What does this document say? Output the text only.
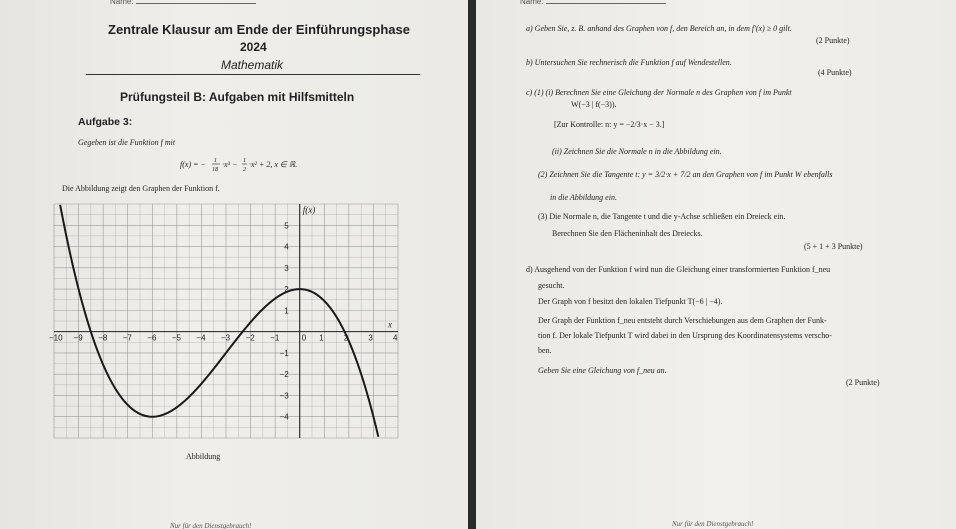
Name:
Zentrale Klausur am Ende der Einführungsphase
2024
Mathematik
Prüfungsteil B: Aufgaben mit Hilfsmitteln
Aufgabe 3:
Gegeben ist die Funktion f mit
f(x) = − 1
18
·x³ − 1
2
·x² + 2, x ∈ ℝ.
Die Abbildung zeigt den Graphen der Funktion f.
−10 −9 −8 −7 −6 −5 −4 −3 −2 −1	0 1	2	3	4
5
4
3
2
1
−1
−2
−3
−4
f(x)
x
Abbildung
Nur für den Dienstgebrauch!
Name:
a) Geben Sie, z. B. anhand des Graphen von f, den Bereich an, in dem f′(x) ≥ 0 gilt.
(2 Punkte)
b) Untersuchen Sie rechnerisch die Funktion f auf Wendestellen.
(4 Punkte)
c) (1) (i) Berechnen Sie eine Gleichung der Normale n des Graphen von f im Punkt
W(−3 | f(−3)).
[Zur Kontrolle: n: y = −2/3·x − 3.]
(ii) Zeichnen Sie die Normale n in die Abbildung ein.
(2) Zeichnen Sie die Tangente t: y = 3/2·x + 7/2 an den Graphen von f im Punkt W ebenfalls
in die Abbildung ein.
(3) Die Normale n, die Tangente t und die y-Achse schließen ein Dreieck ein.
Berechnen Sie den Flächeninhalt des Dreiecks.
(5 + 1 + 3 Punkte)
d) Ausgehend von der Funktion f wird nun die Gleichung einer transformierten Funktion f_neu
gesucht.
Der Graph von f besitzt den lokalen Tiefpunkt T(−6 | −4).
Der Graph der Funktion f_neu entsteht durch Verschiebungen aus dem Graphen der Funk-
tion f. Der lokale Tiefpunkt T wird dabei in den Ursprung des Koordinatensystems verscho-
ben.
Geben Sie eine Gleichung von f_neu an.
(2 Punkte)
Nur für den Dienstgebrauch!
